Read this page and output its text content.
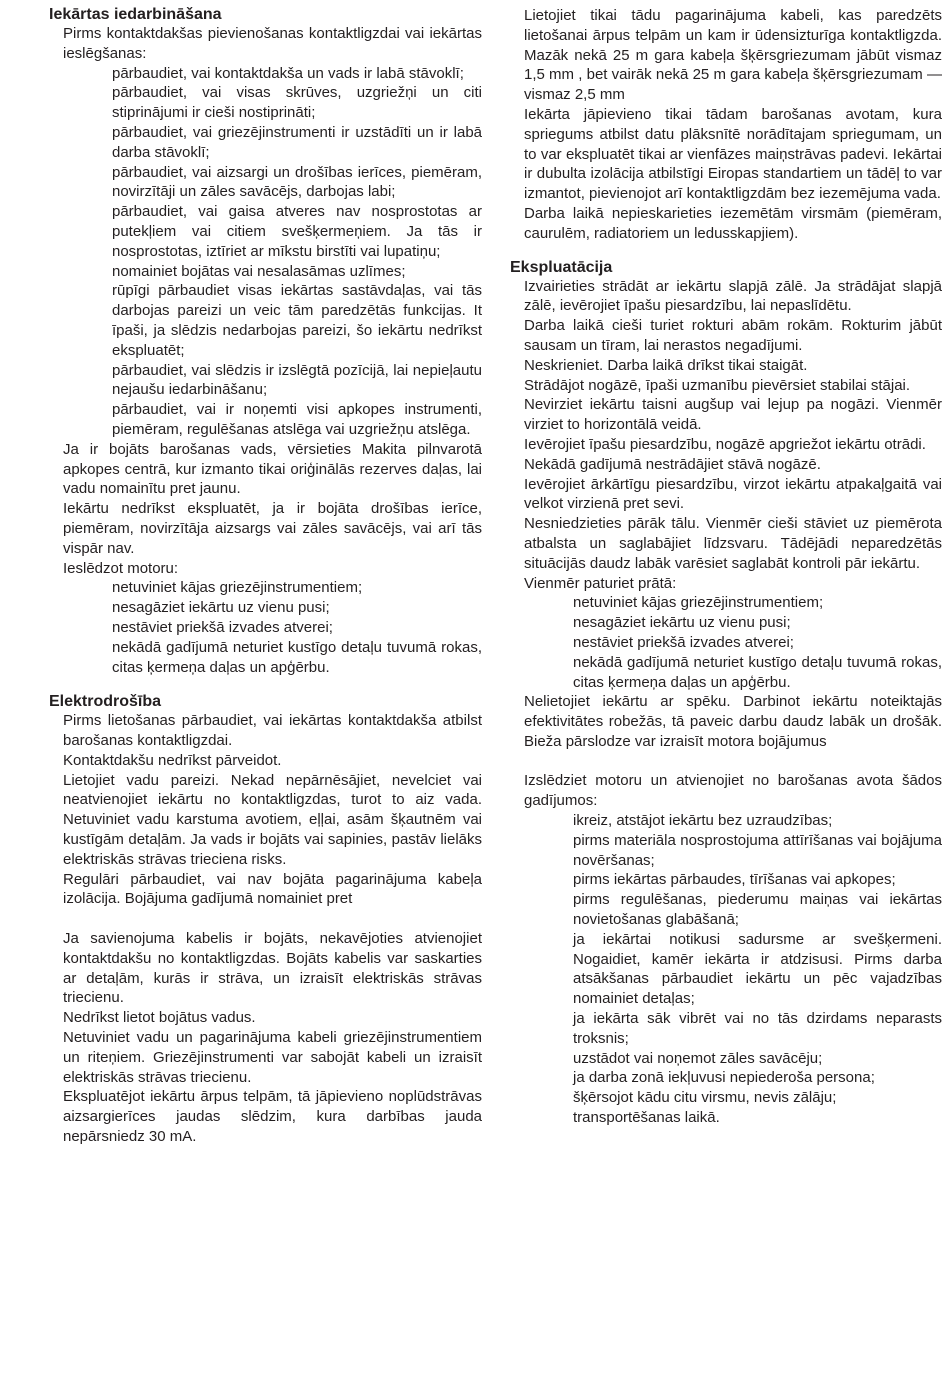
Iekārtas iedarbināšana
Pirms kontaktdakšas pievienošanas kontaktligzdai vai iekārtas ieslēgšanas:
pārbaudiet, vai kontaktdakša un vads ir labā stāvoklī;
pārbaudiet, vai visas skrūves, uzgriežņi un citi stiprinājumi ir cieši nostiprināti;
pārbaudiet, vai griezējinstrumenti ir uzstādīti un ir labā darba stāvoklī;
pārbaudiet, vai aizsargi un drošības ierīces, piemēram, novirzītāji un zāles savācējs, darbojas labi;
pārbaudiet, vai gaisa atveres nav nosprostotas ar putekļiem vai citiem svešķermeņiem. Ja tās ir nosprostotas, iztīriet ar mīkstu birstīti vai lupatiņu;
nomainiet bojātas vai nesalasāmas uzlīmes;
rūpīgi pārbaudiet visas iekārtas sastāvdaļas, vai tās darbojas pareizi un veic tām paredzētās funkcijas. It īpaši, ja slēdzis nedarbojas pareizi, šo iekārtu nedrīkst ekspluatēt;
pārbaudiet, vai slēdzis ir izslēgtā pozīcijā, lai nepieļautu nejaušu iedarbināšanu;
pārbaudiet, vai ir noņemti visi apkopes instrumenti, piemēram, regulēšanas atslēga vai uzgriežņu atslēga.
Ja ir bojāts barošanas vads, vērsieties Makita pilnvarotā apkopes centrā, kur izmanto tikai oriģinālās rezerves daļas, lai vadu nomainītu pret jaunu.
Iekārtu nedrīkst ekspluatēt, ja ir bojāta drošības ierīce, piemēram, novirzītāja aizsargs vai zāles savācējs, vai arī tās vispār nav.
Ieslēdzot motoru:
netuviniet kājas griezējinstrumentiem;
nesagāziet iekārtu uz vienu pusi;
nestāviet priekšā izvades atverei;
nekādā gadījumā neturiet kustīgo detaļu tuvumā rokas, citas ķermeņa daļas un apģērbu.
Elektrodrošība
Pirms lietošanas pārbaudiet, vai iekārtas kontaktdakša atbilst barošanas kontaktligzdai.
Kontaktdakšu nedrīkst pārveidot.
Lietojiet vadu pareizi. Nekad nepārnēsājiet, nevelciet vai neatvienojiet iekārtu no kontaktligzdas, turot to aiz vada. Netuviniet vadu karstuma avotiem, eļļai, asām šķautnēm vai kustīgām detaļām. Ja vads ir bojāts vai sapinies, pastāv lielāks elektriskās strāvas trieciena risks.
Regulāri pārbaudiet, vai nav bojāta pagarinājuma kabeļa izolācija. Bojājuma gadījumā nomainiet pret
Ja savienojuma kabelis ir bojāts, nekavējoties atvienojiet kontaktdakšu no kontaktligzdas. Bojāts kabelis var saskarties ar detaļām, kurās ir strāva, un izraisīt elektriskās strāvas triecienu.
Nedrīkst lietot bojātus vadus.
Netuviniet vadu un pagarinājuma kabeli griezējinstrumentiem un riteņiem. Griezējinstrumenti var sabojāt kabeli un izraisīt elektriskās strāvas triecienu.
Ekspluatējot iekārtu ārpus telpām, tā jāpievieno noplūdstrāvas aizsargierīces jaudas slēdzim, kura darbības jauda nepārsniedz 30 mA.
Lietojiet tikai tādu pagarinājuma kabeli, kas paredzēts lietošanai ārpus telpām un kam ir ūdensizturīga kontaktligzda. Mazāk nekā 25 m gara kabeļa šķērsgriezumam jābūt vismaz 1,5 mm , bet vairāk nekā 25 m gara kabeļa šķērsgriezumam — vismaz 2,5 mm
Iekārta jāpievieno tikai tādam barošanas avotam, kura spriegums atbilst datu plāksnītē norādītajam spriegumam, un to var ekspluatēt tikai ar vienfāzes maiņstrāvas padevi. Iekārtai ir dubulta izolācija atbilstīgi Eiropas standartiem un tādēļ to var izmantot, pievienojot arī kontaktligzdām bez iezemējuma vada.
Darba laikā nepieskarieties iezemētām virsmām (piemēram, caurulēm, radiatoriem un ledusskapjiem).
Ekspluatācija
Izvairieties strādāt ar iekārtu slapjā zālē. Ja strādājat slapjā zālē, ievērojiet īpašu piesardzību, lai nepaslīdētu.
Darba laikā cieši turiet rokturi abām rokām. Rokturim jābūt sausam un tīram, lai nerastos negadījumi.
Neskrieniet. Darba laikā drīkst tikai staigāt.
Strādājot nogāzē, īpaši uzmanību pievērsiet stabilai stājai.
Nevirziet iekārtu taisni augšup vai lejup pa nogāzi. Vienmēr virziet to horizontālā veidā.
Ievērojiet īpašu piesardzību, nogāzē apgriežot iekārtu otrādi.
Nekādā gadījumā nestrādājiet stāvā nogāzē.
Ievērojiet ārkārtīgu piesardzību, virzot iekārtu atpakaļgaitā vai velkot virzienā pret sevi.
Nesniedzieties pārāk tālu. Vienmēr cieši stāviet uz piemērota atbalsta un saglabājiet līdzsvaru. Tādējādi neparedzētās situācijās daudz labāk varēsiet saglabāt kontroli pār iekārtu.
Vienmēr paturiet prātā:
netuviniet kājas griezējinstrumentiem;
nesagāziet iekārtu uz vienu pusi;
nestāviet priekšā izvades atverei;
nekādā gadījumā neturiet kustīgo detaļu tuvumā rokas, citas ķermeņa daļas un apģērbu.
Nelietojiet iekārtu ar spēku. Darbinot iekārtu noteiktajās efektivitātes robežās, tā paveic darbu daudz labāk un drošāk. Bieža pārslodze var izraisīt motora bojājumus
Izslēdziet motoru un atvienojiet no barošanas avota šādos gadījumos:
ikreiz, atstājot iekārtu bez uzraudzības;
pirms materiāla nosprostojuma attīrīšanas vai bojājuma novēršanas;
pirms iekārtas pārbaudes, tīrīšanas vai apkopes;
pirms regulēšanas, piederumu maiņas vai iekārtas novietošanas glabāšanā;
ja iekārtai notikusi sadursme ar svešķermeni. Nogaidiet, kamēr iekārta ir atdzisusi. Pirms darba atsākšanas pārbaudiet iekārtu un pēc vajadzības nomainiet detaļas;
ja iekārta sāk vibrēt vai no tās dzirdams neparasts troksnis;
uzstādot vai noņemot zāles savācēju;
ja darba zonā iekļuvusi nepiederoša persona;
šķērsojot kādu citu virsmu, nevis zālāju;
transportēšanas laikā.
